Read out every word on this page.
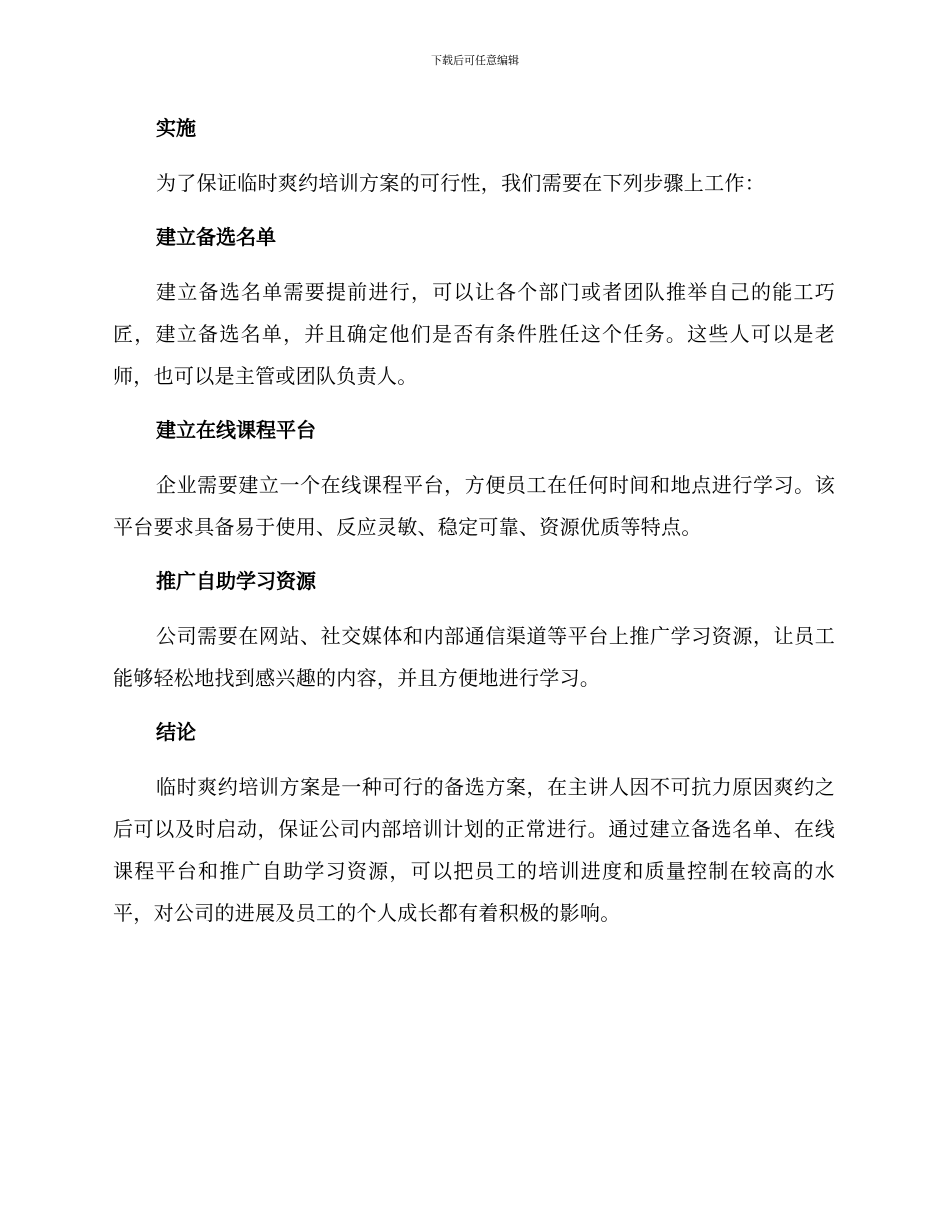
下载后可任意编辑
实施

为了保证临时爽约培训方案的可行性，我们需要在下列步骤上工作：

建立备选名单

建立备选名单需要提前进行，可以让各个部门或者团队推举自己的能工巧匠，建立备选名单，并且确定他们是否有条件胜任这个任务。这些人可以是老师，也可以是主管或团队负责人。

建立在线课程平台

企业需要建立一个在线课程平台，方便员工在任何时间和地点进行学习。该平台要求具备易于使用、反应灵敏、稳定可靠、资源优质等特点。

推广自助学习资源

公司需要在网站、社交媒体和内部通信渠道等平台上推广学习资源，让员工能够轻松地找到感兴趣的内容，并且方便地进行学习。

结论

临时爽约培训方案是一种可行的备选方案，在主讲人因不可抗力原因爽约之后可以及时启动，保证公司内部培训计划的正常进行。通过建立备选名单、在线课程平台和推广自助学习资源，可以把员工的培训进度和质量控制在较高的水平，对公司的进展及员工的个人成长都有着积极的影响。
